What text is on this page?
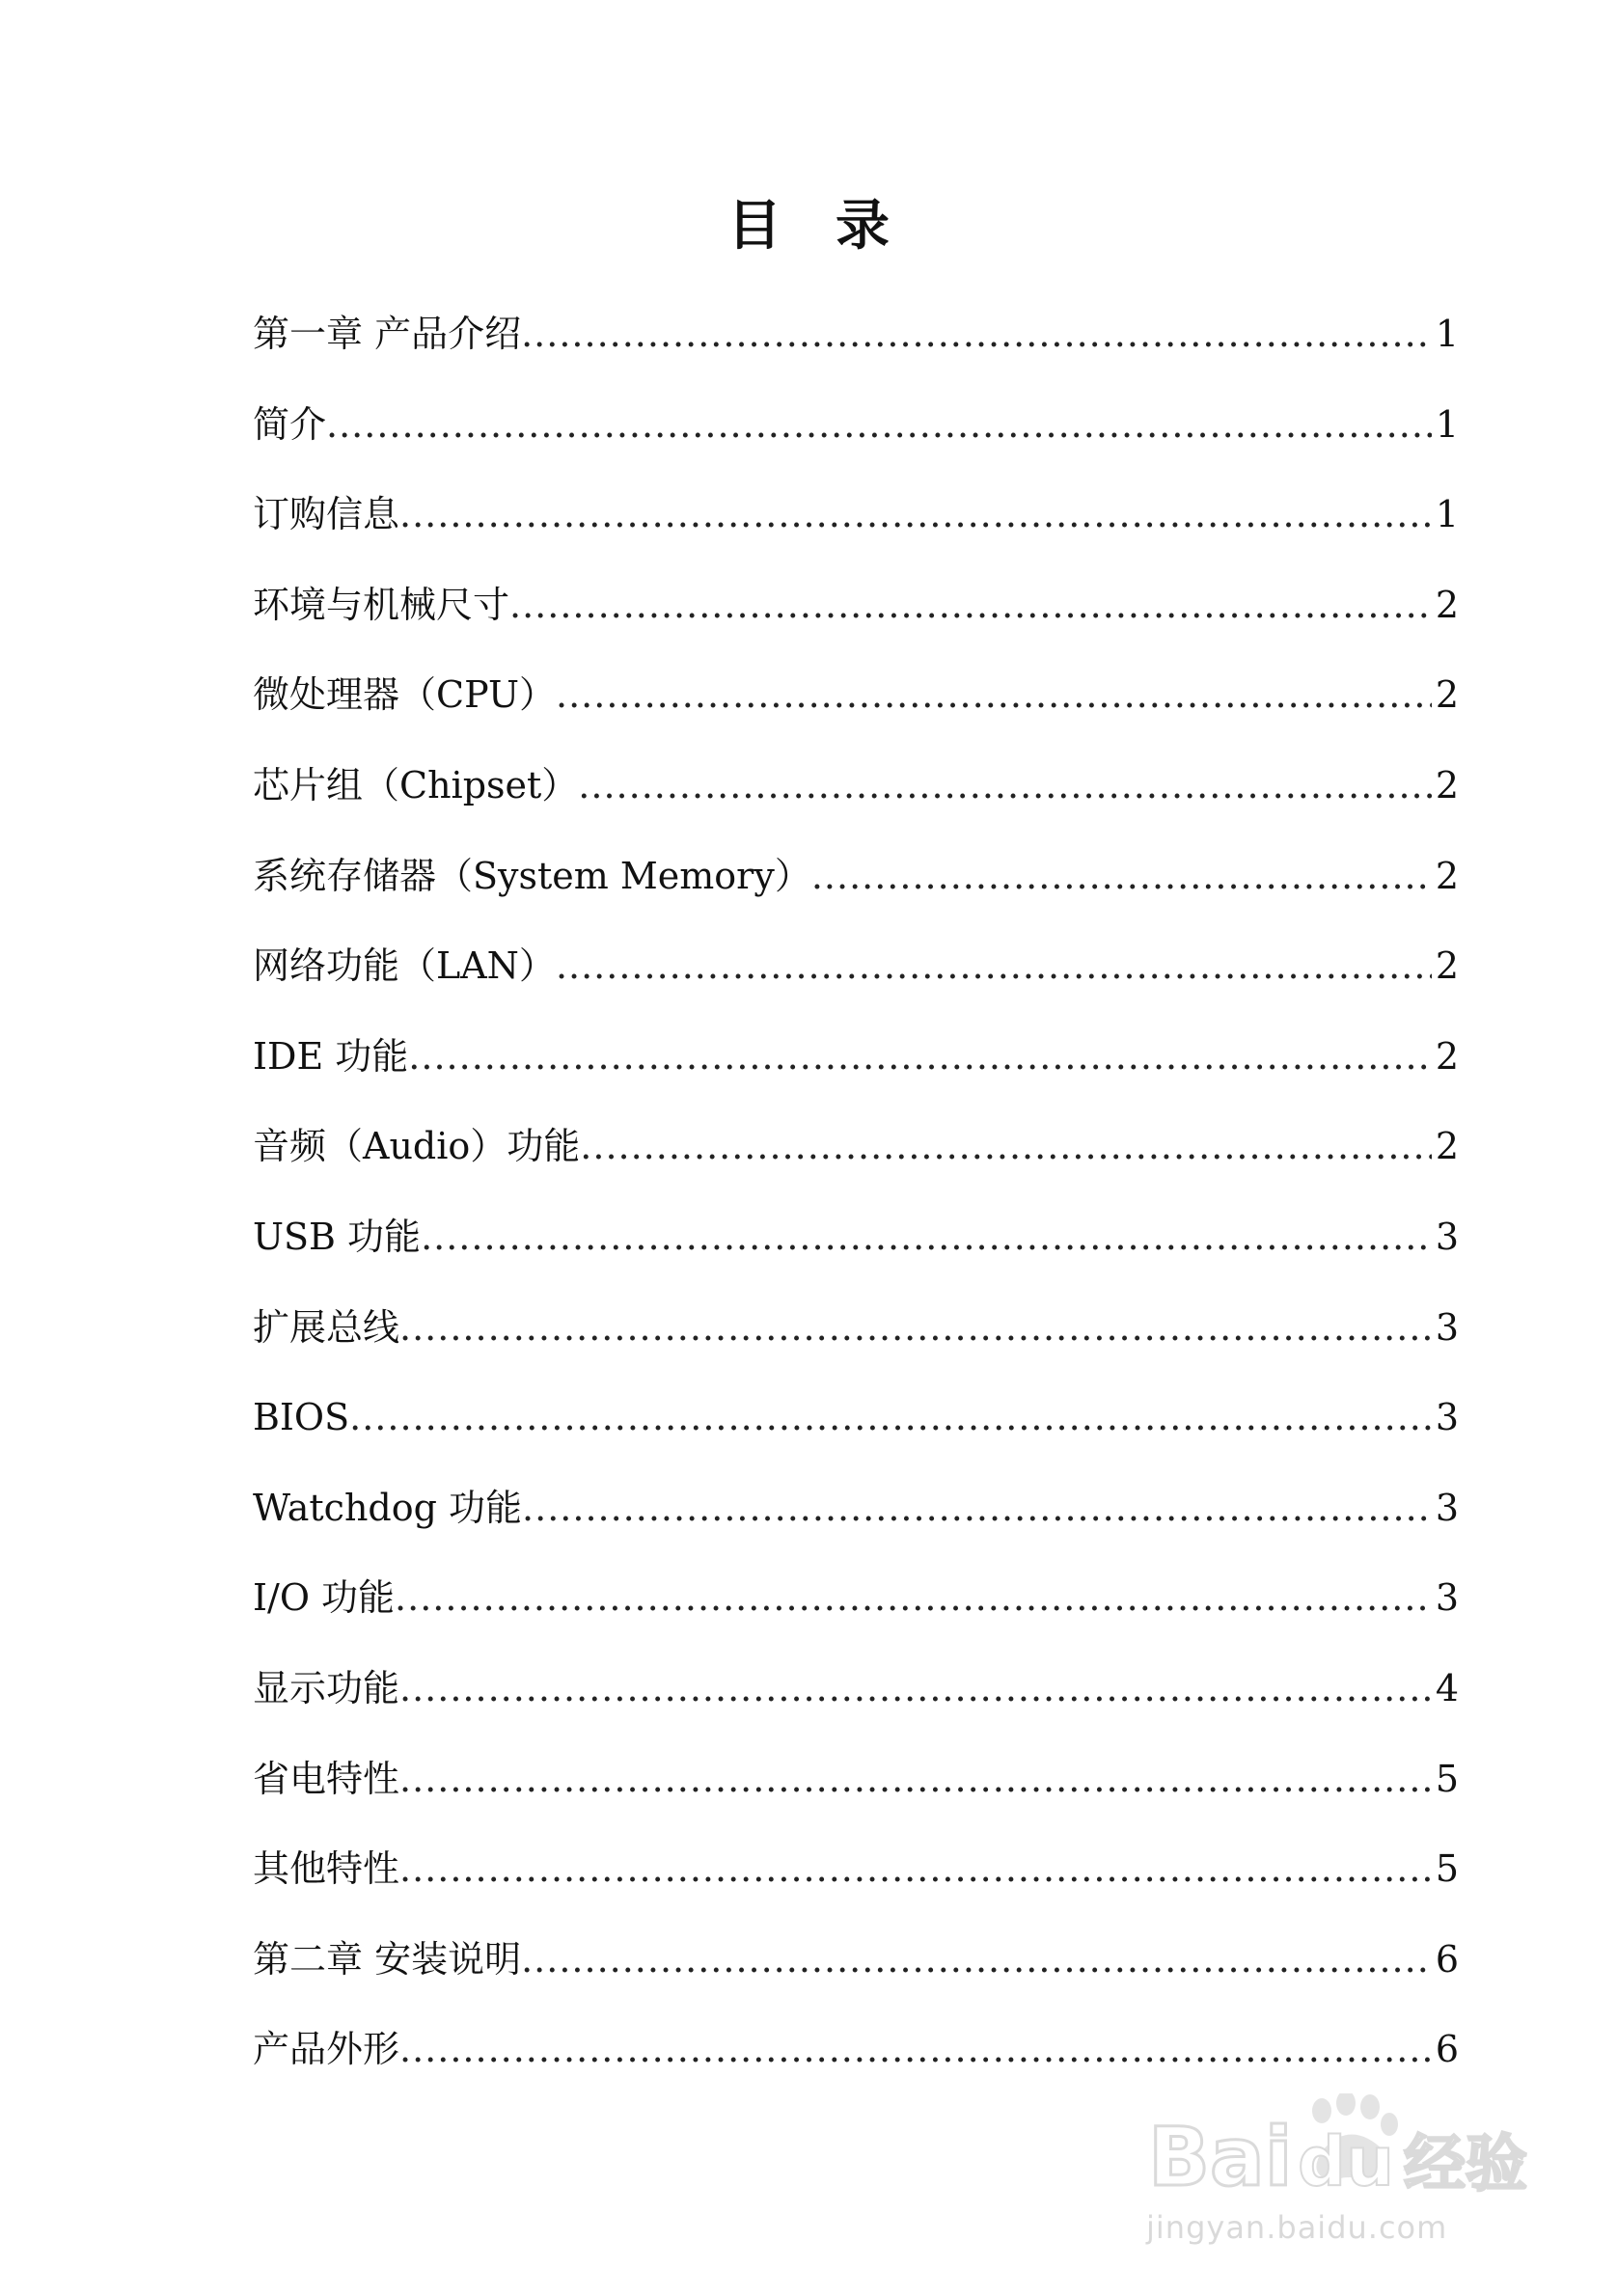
目 录
第一章 产品介绍 .....	1
简介 .....	1
订购信息 .....	1
环境与机械尺寸 .....	2
微处理器（CPU） .....	2
芯片组（Chipset） .....	2
系统存储器（System Memory） .....	2
网络功能（LAN） .....	2
IDE 功能 .....	2
音频（Audio）功能 .....	2
USB 功能 .....	3
扩展总线 .....	3
BIOS .....	3
Watchdog 功能 .....	3
I/O 功能 .....	3
显示功能 .....	4
省电特性 .....	5
其他特性 .....	5
第二章 安装说明 .....	6
产品外形 .....	6
Bai du 经验
jingyan.baidu.com
